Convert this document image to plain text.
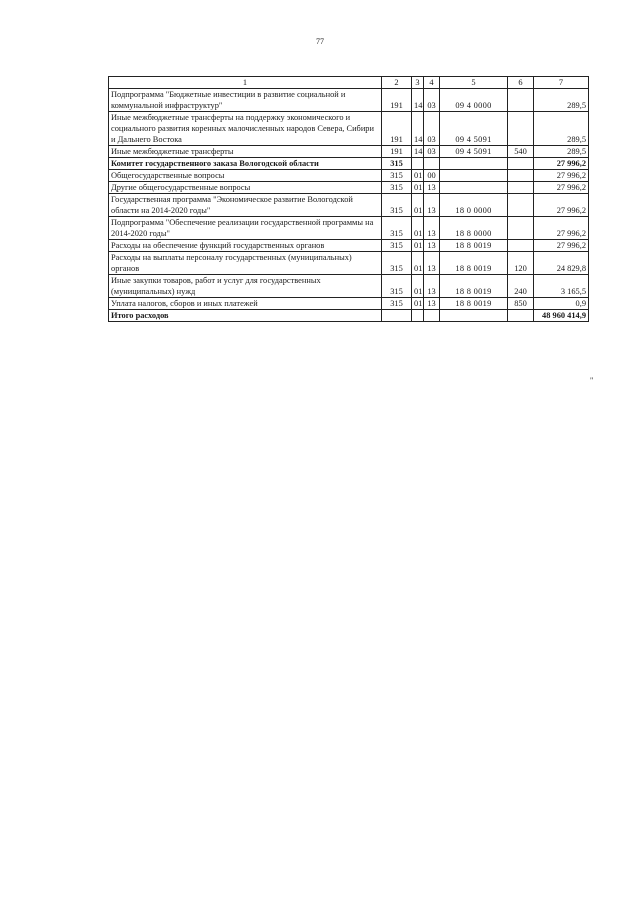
77
1	2	3	4	5	6	7
Подпрограмма "Бюджетные инвестиции в развитие социальной и коммунальной инфраструктур"	191	14	03	09 4 0000		289,5
Иные межбюджетные трансферты на поддержку экономического и социального развития коренных малочисленных народов Севера, Сибири и Дальнего Востока	191	14	03	09 4 5091		289,5
Иные межбюджетные трансферты	191	14	03	09 4 5091	540	289,5
Комитет государственного заказа Вологодской области	315					27 996,2
Общегосударственные вопросы	315	01	00			27 996,2
Другие общегосударственные вопросы	315	01	13			27 996,2
Государственная программа "Экономическое развитие Вологодской области на 2014-2020 годы"	315	01	13	18 0 0000		27 996,2
Подпрограмма "Обеспечение реализации государственной программы на 2014-2020 годы"	315	01	13	18 8 0000		27 996,2
Расходы на обеспечение функций государственных органов	315	01	13	18 8 0019		27 996,2
Расходы на выплаты персоналу государственных (муниципальных) органов	315	01	13	18 8 0019	120	24 829,8
Иные закупки товаров, работ и услуг для государственных (муниципальных) нужд	315	01	13	18 8 0019	240	3 165,5
Уплата налогов, сборов и иных платежей	315	01	13	18 8 0019	850	0,9
Итого расходов						48 960 414,9
"
